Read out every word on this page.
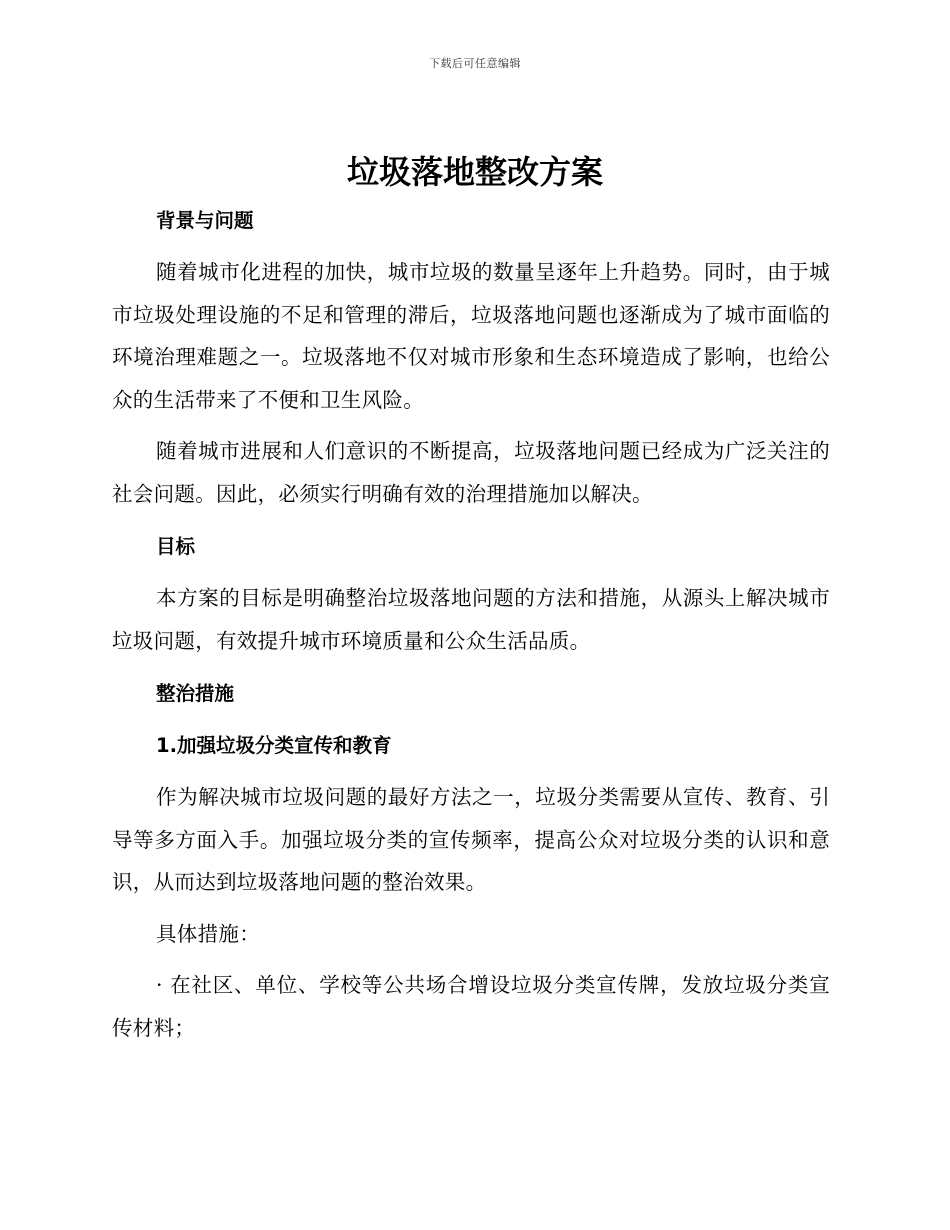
下载后可任意编辑
垃圾落地整改方案
背景与问题

随着城市化进程的加快，城市垃圾的数量呈逐年上升趋势。同时，由于城市垃圾处理设施的不足和管理的滞后，垃圾落地问题也逐渐成为了城市面临的环境治理难题之一。垃圾落地不仅对城市形象和生态环境造成了影响，也给公众的生活带来了不便和卫生风险。

随着城市进展和人们意识的不断提高，垃圾落地问题已经成为广泛关注的社会问题。因此，必须实行明确有效的治理措施加以解决。

目标

本方案的目标是明确整治垃圾落地问题的方法和措施，从源头上解决城市垃圾问题，有效提升城市环境质量和公众生活品质。

整治措施
1.加强垃圾分类宣传和教育

作为解决城市垃圾问题的最好方法之一，垃圾分类需要从宣传、教育、引导等多方面入手。加强垃圾分类的宣传频率，提高公众对垃圾分类的认识和意识，从而达到垃圾落地问题的整治效果。

具体措施：

· 在社区、单位、学校等公共场合增设垃圾分类宣传牌，发放垃圾分类宣传材料；
